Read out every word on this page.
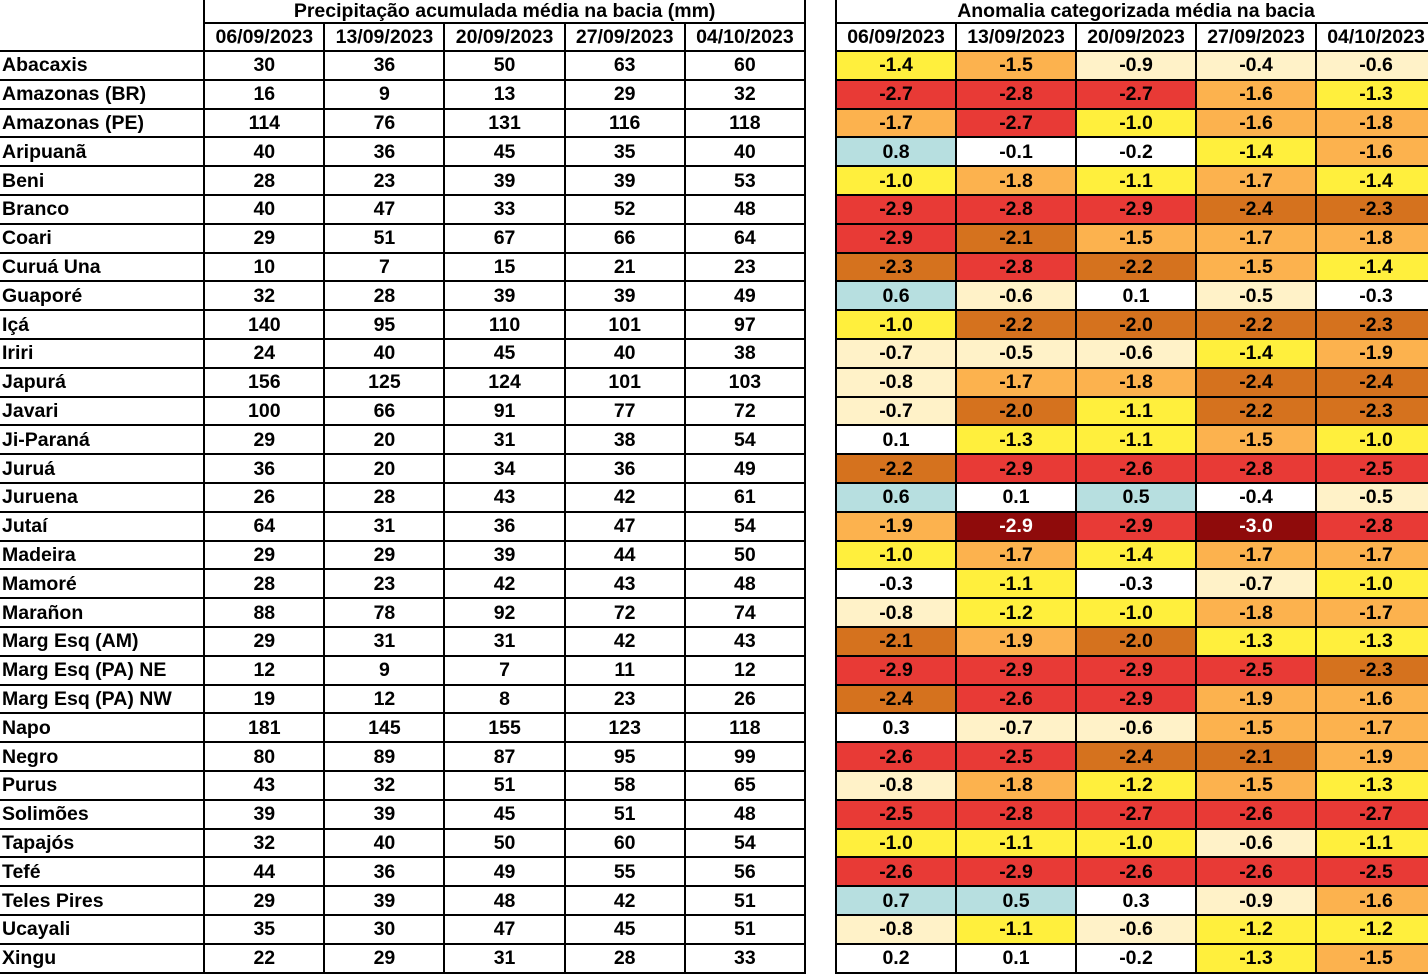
	Precipitação acumulada média na bacia (mm)				
	06/09/2023	13/09/2023	20/09/2023	27/09/2023	04/10/2023
Abacaxis	30	36	50	63	60
Amazonas (BR)	16	9	13	29	32
Amazonas (PE)	114	76	131	116	118
Aripuanã	40	36	45	35	40
Beni	28	23	39	39	53
Branco	40	47	33	52	48
Coari	29	51	67	66	64
Curuá Una	10	7	15	21	23
Guaporé	32	28	39	39	49
Içá	140	95	110	101	97
Iriri	24	40	45	40	38
Japurá	156	125	124	101	103
Javari	100	66	91	77	72
Ji-Paraná	29	20	31	38	54
Juruá	36	20	34	36	49
Juruena	26	28	43	42	61
Jutaí	64	31	36	47	54
Madeira	29	29	39	44	50
Mamoré	28	23	42	43	48
Marañon	88	78	92	72	74
Marg Esq (AM)	29	31	31	42	43
Marg Esq (PA) NE	12	9	7	11	12
Marg Esq (PA) NW	19	12	8	23	26
Napo	181	145	155	123	118
Negro	80	89	87	95	99
Purus	43	32	51	58	65
Solimões	39	39	45	51	48
Tapajós	32	40	50	60	54
Tefé	44	36	49	55	56
Teles Pires	29	39	48	42	51
Ucayali	35	30	47	45	51
Xingu	22	29	31	28	33
Anomalia categorizada média na bacia				
06/09/2023	13/09/2023	20/09/2023	27/09/2023	04/10/2023
-1.4	-1.5	-0.9	-0.4	-0.6
-2.7	-2.8	-2.7	-1.6	-1.3
-1.7	-2.7	-1.0	-1.6	-1.8
0.8	-0.1	-0.2	-1.4	-1.6
-1.0	-1.8	-1.1	-1.7	-1.4
-2.9	-2.8	-2.9	-2.4	-2.3
-2.9	-2.1	-1.5	-1.7	-1.8
-2.3	-2.8	-2.2	-1.5	-1.4
0.6	-0.6	0.1	-0.5	-0.3
-1.0	-2.2	-2.0	-2.2	-2.3
-0.7	-0.5	-0.6	-1.4	-1.9
-0.8	-1.7	-1.8	-2.4	-2.4
-0.7	-2.0	-1.1	-2.2	-2.3
0.1	-1.3	-1.1	-1.5	-1.0
-2.2	-2.9	-2.6	-2.8	-2.5
0.6	0.1	0.5	-0.4	-0.5
-1.9	-2.9	-2.9	-3.0	-2.8
-1.0	-1.7	-1.4	-1.7	-1.7
-0.3	-1.1	-0.3	-0.7	-1.0
-0.8	-1.2	-1.0	-1.8	-1.7
-2.1	-1.9	-2.0	-1.3	-1.3
-2.9	-2.9	-2.9	-2.5	-2.3
-2.4	-2.6	-2.9	-1.9	-1.6
0.3	-0.7	-0.6	-1.5	-1.7
-2.6	-2.5	-2.4	-2.1	-1.9
-0.8	-1.8	-1.2	-1.5	-1.3
-2.5	-2.8	-2.7	-2.6	-2.7
-1.0	-1.1	-1.0	-0.6	-1.1
-2.6	-2.9	-2.6	-2.6	-2.5
0.7	0.5	0.3	-0.9	-1.6
-0.8	-1.1	-0.6	-1.2	-1.2
0.2	0.1	-0.2	-1.3	-1.5
